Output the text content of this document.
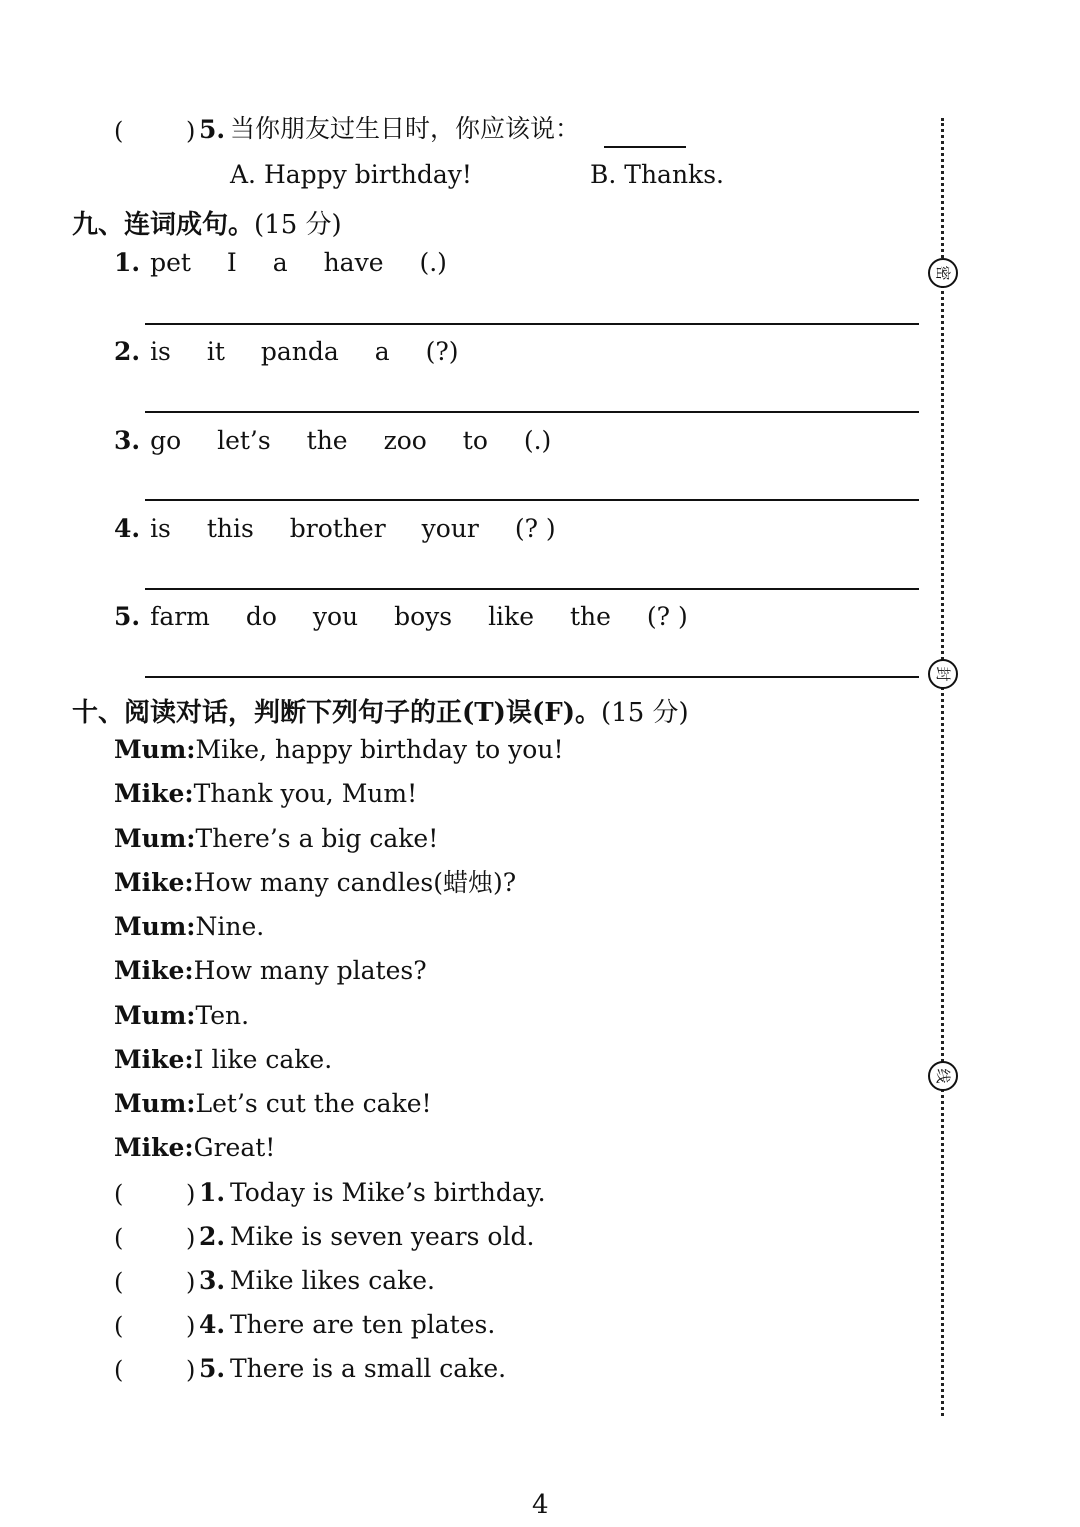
(	) 5. 当你朋友过生日时，你应该说：
A. Happy birthday!	B. Thanks.
九、连词成句。(15 分)
1. pet I a have (.)
2. is it panda a (?)
3. go let’s the zoo to (.)
4. is this brother your (? )
5. farm do you boys like the (? )
十、阅读对话，判断下列句子的正(T)误(F)。(15 分)
Mum:Mike, happy birthday to you!
Mike:Thank you, Mum!
Mum:There’s a big cake!
Mike:How many candles(蜡烛)?
Mum:Nine.
Mike:How many plates?
Mum:Ten.
Mike:I like cake.
Mum:Let’s cut the cake!
Mike:Great!
(	) 1. Today is Mike’s birthday.
(	) 2. Mike is seven years old.
(	) 3. Mike likes cake.
(	) 4. There are ten plates.
(	) 5. There is a small cake.
密
封
线
4
